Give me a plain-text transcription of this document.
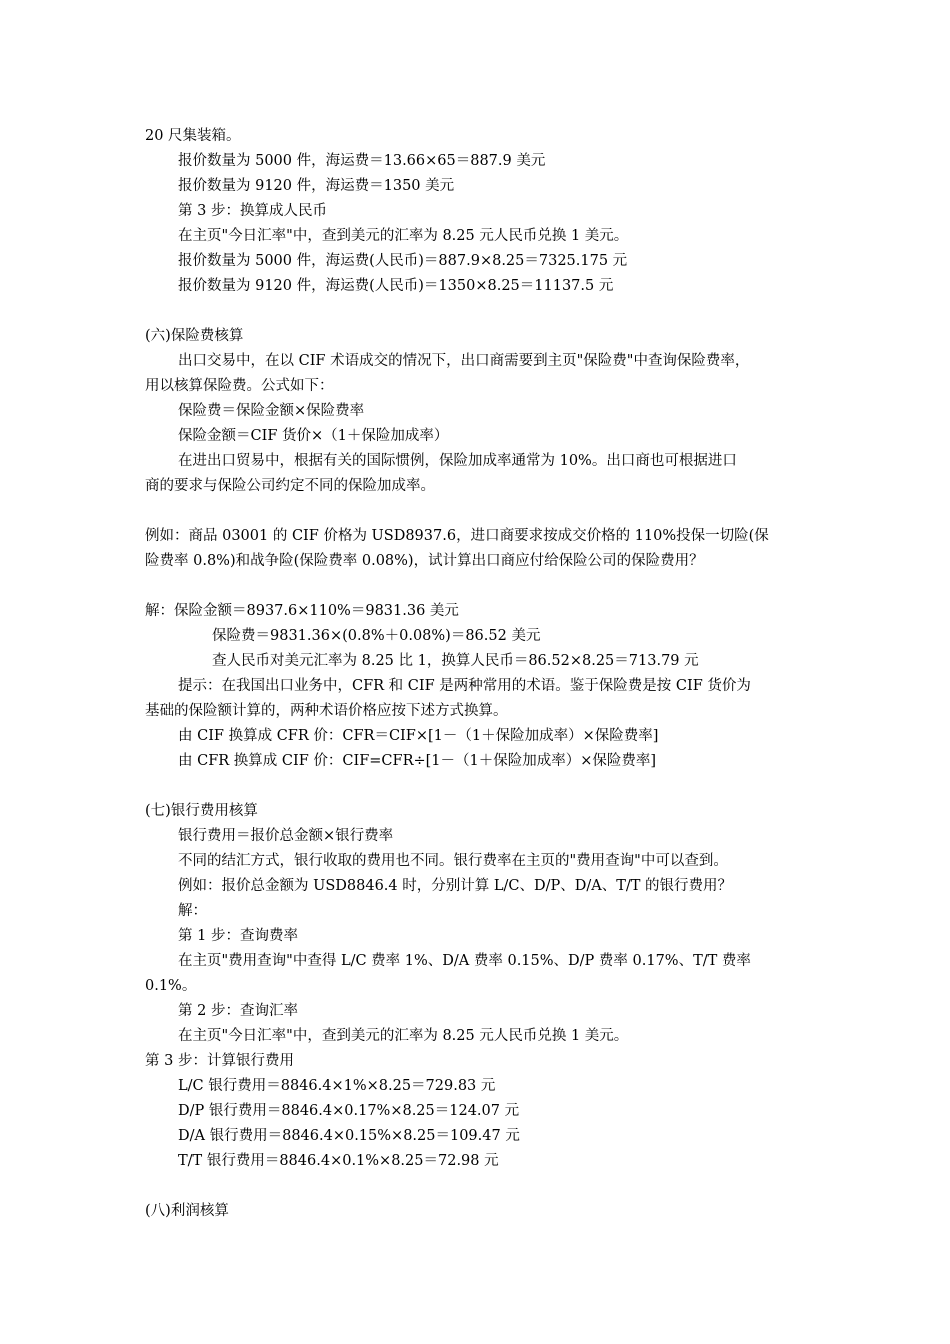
20 尺集装箱。
报价数量为 5000 件，海运费＝13.66×65＝887.9 美元
报价数量为 9120 件，海运费＝1350 美元
第 3 步：换算成人民币
在主页"今日汇率"中，查到美元的汇率为 8.25 元人民币兑换 1 美元。
报价数量为 5000 件，海运费(人民币)＝887.9×8.25＝7325.175 元
报价数量为 9120 件，海运费(人民币)＝1350×8.25＝11137.5 元
(六)保险费核算
出口交易中，在以 CIF 术语成交的情况下，出口商需要到主页"保险费"中查询保险费率，
用以核算保险费。公式如下：
保险费＝保险金额×保险费率
保险金额＝CIF 货价×（1＋保险加成率）
在进出口贸易中，根据有关的国际惯例，保险加成率通常为 10%。出口商也可根据进口
商的要求与保险公司约定不同的保险加成率。
例如：商品 03001 的 CIF 价格为 USD8937.6，进口商要求按成交价格的 110%投保一切险(保
险费率 0.8%)和战争险(保险费率 0.08%)，试计算出口商应付给保险公司的保险费用？
解：保险金额＝8937.6×110%＝9831.36 美元
保险费＝9831.36×(0.8%＋0.08%)＝86.52 美元
查人民币对美元汇率为 8.25 比 1，换算人民币＝86.52×8.25＝713.79 元
提示：在我国出口业务中，CFR 和 CIF 是两种常用的术语。鉴于保险费是按 CIF 货价为
基础的保险额计算的，两种术语价格应按下述方式换算。
由 CIF 换算成 CFR 价：CFR＝CIF×[1－（1＋保险加成率）×保险费率]
由 CFR 换算成 CIF 价：CIF=CFR÷[1－（1＋保险加成率）×保险费率]
(七)银行费用核算
银行费用＝报价总金额×银行费率
不同的结汇方式，银行收取的费用也不同。银行费率在主页的"费用查询"中可以查到。
例如：报价总金额为 USD8846.4 时，分别计算 L/C、D/P、D/A、T/T 的银行费用？
解：
第 1 步：查询费率
在主页"费用查询"中查得 L/C 费率 1%、D/A 费率 0.15%、D/P 费率 0.17%、T/T 费率
0.1%。
第 2 步：查询汇率
在主页"今日汇率"中，查到美元的汇率为 8.25 元人民币兑换 1 美元。
第 3 步：计算银行费用
L/C 银行费用＝8846.4×1%×8.25＝729.83 元
D/P 银行费用＝8846.4×0.17%×8.25＝124.07 元
D/A 银行费用＝8846.4×0.15%×8.25＝109.47 元
T/T 银行费用＝8846.4×0.1%×8.25＝72.98 元
(八)利润核算
